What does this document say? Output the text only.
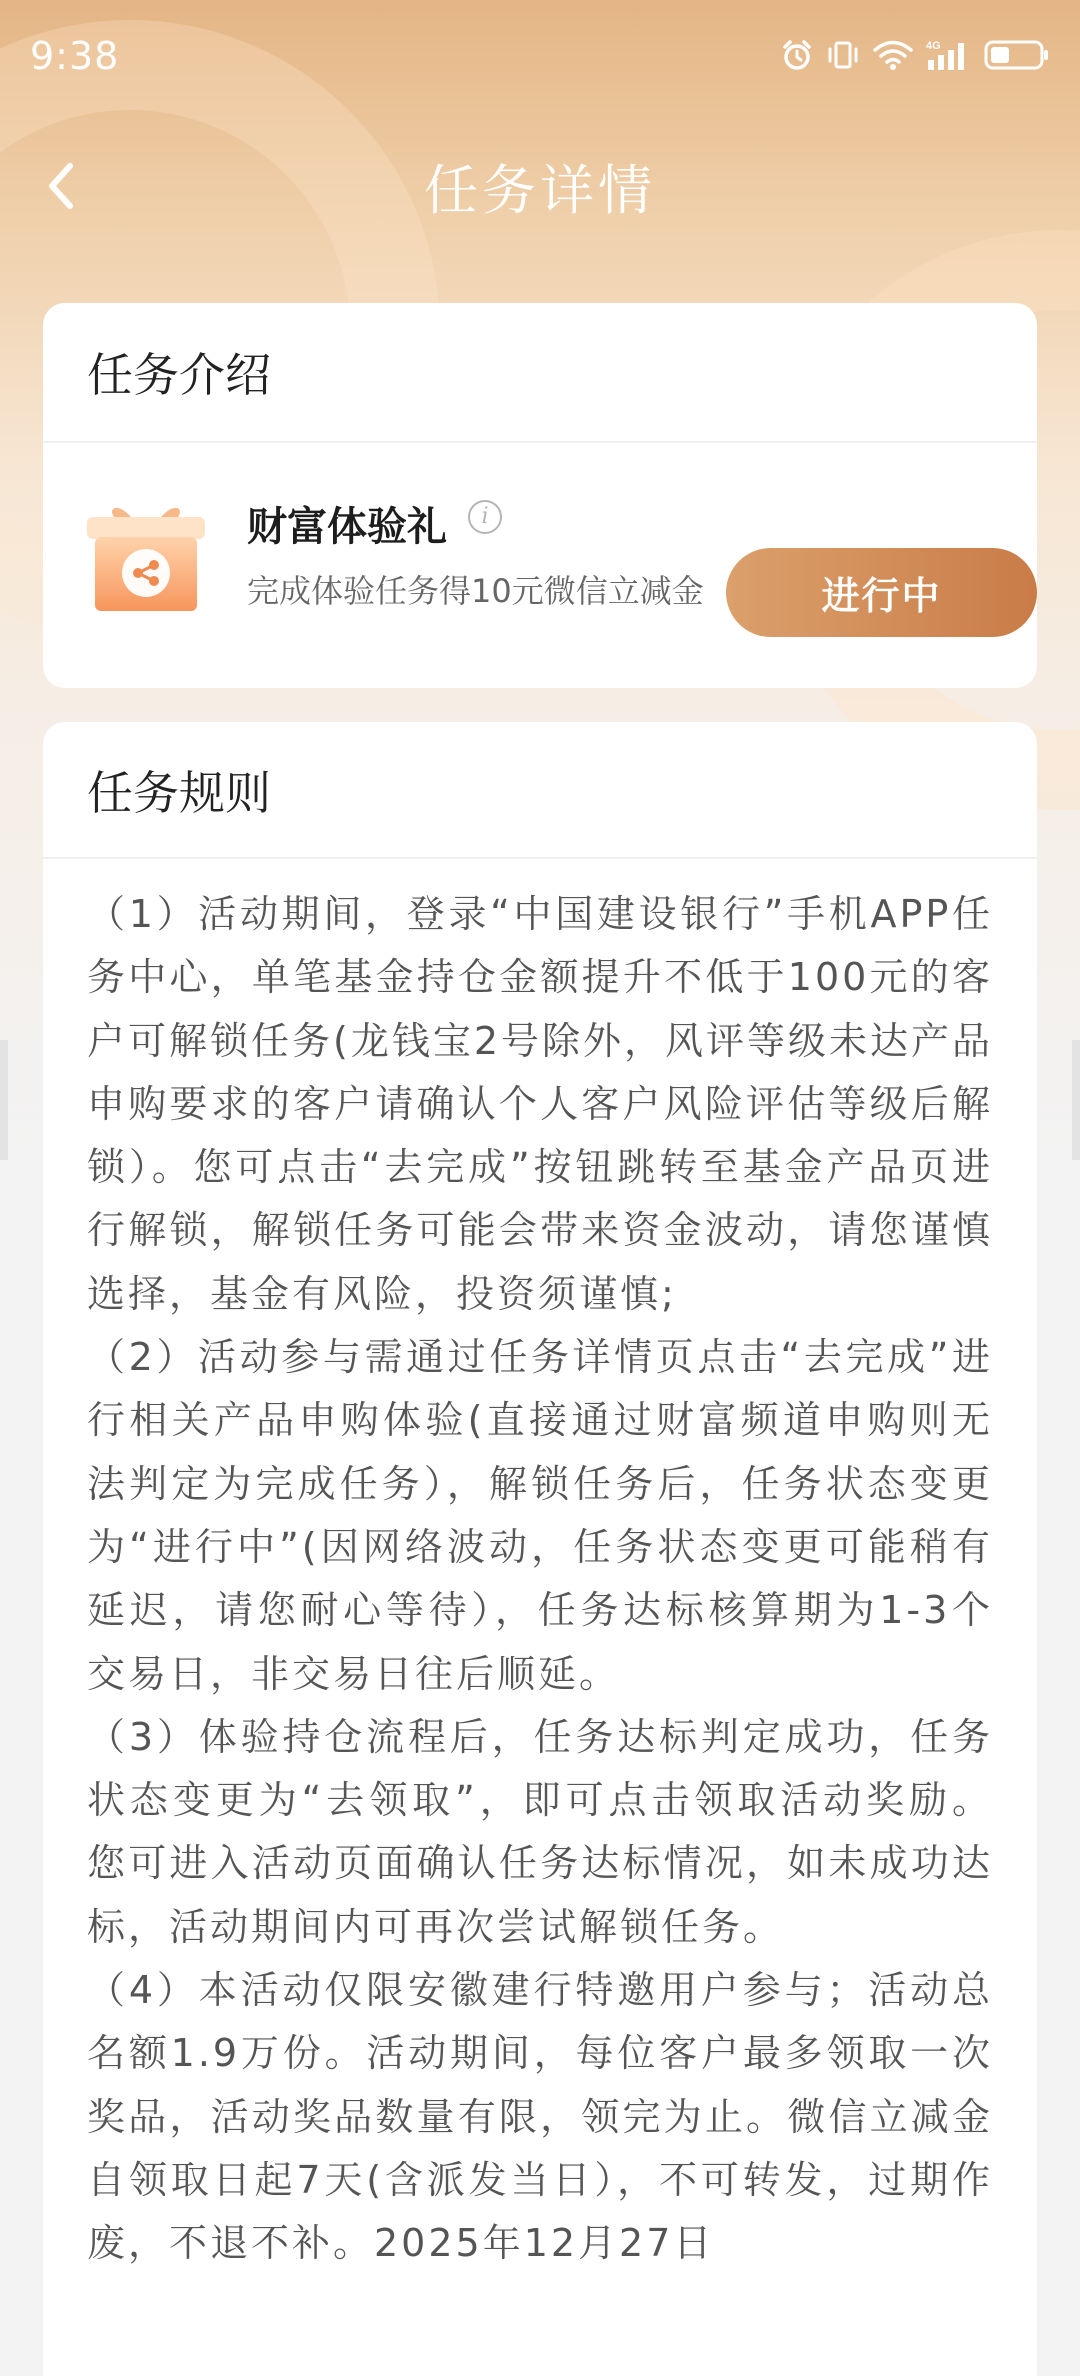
9:38	4G
任务详情
任务介绍
财富体验礼	i
完成体验任务得10元微信立减金	进行中
任务规则

（1）活动期间，登录“中国建设银行”手机APP任务中心，单笔基金持仓金额提升不低于100元的客户可解锁任务(龙钱宝2号除外，风评等级未达产品申购要求的客户请确认个人客户风险评估等级后解锁）。您可点击“去完成”按钮跳转至基金产品页进行解锁，解锁任务可能会带来资金波动，请您谨慎选择，基金有风险，投资须谨慎;

（2）活动参与需通过任务详情页点击“去完成”进行相关产品申购体验(直接通过财富频道申购则无法判定为完成任务），解锁任务后，任务状态变更为“进行中”(因网络波动，任务状态变更可能稍有延迟，请您耐心等待），任务达标核算期为1-3个交易日，非交易日往后顺延。

（3）体验持仓流程后，任务达标判定成功，任务状态变更为“去领取”，即可点击领取活动奖励。您可进入活动页面确认任务达标情况，如未成功达标，活动期间内可再次尝试解锁任务。

（4）本活动仅限安徽建行特邀用户参与；活动总名额1.9万份。活动期间，每位客户最多领取一次奖品，活动奖品数量有限，领完为止。微信立减金自领取日起7天(含派发当日），不可转发，过期作废，不退不补。2025年12月27日
